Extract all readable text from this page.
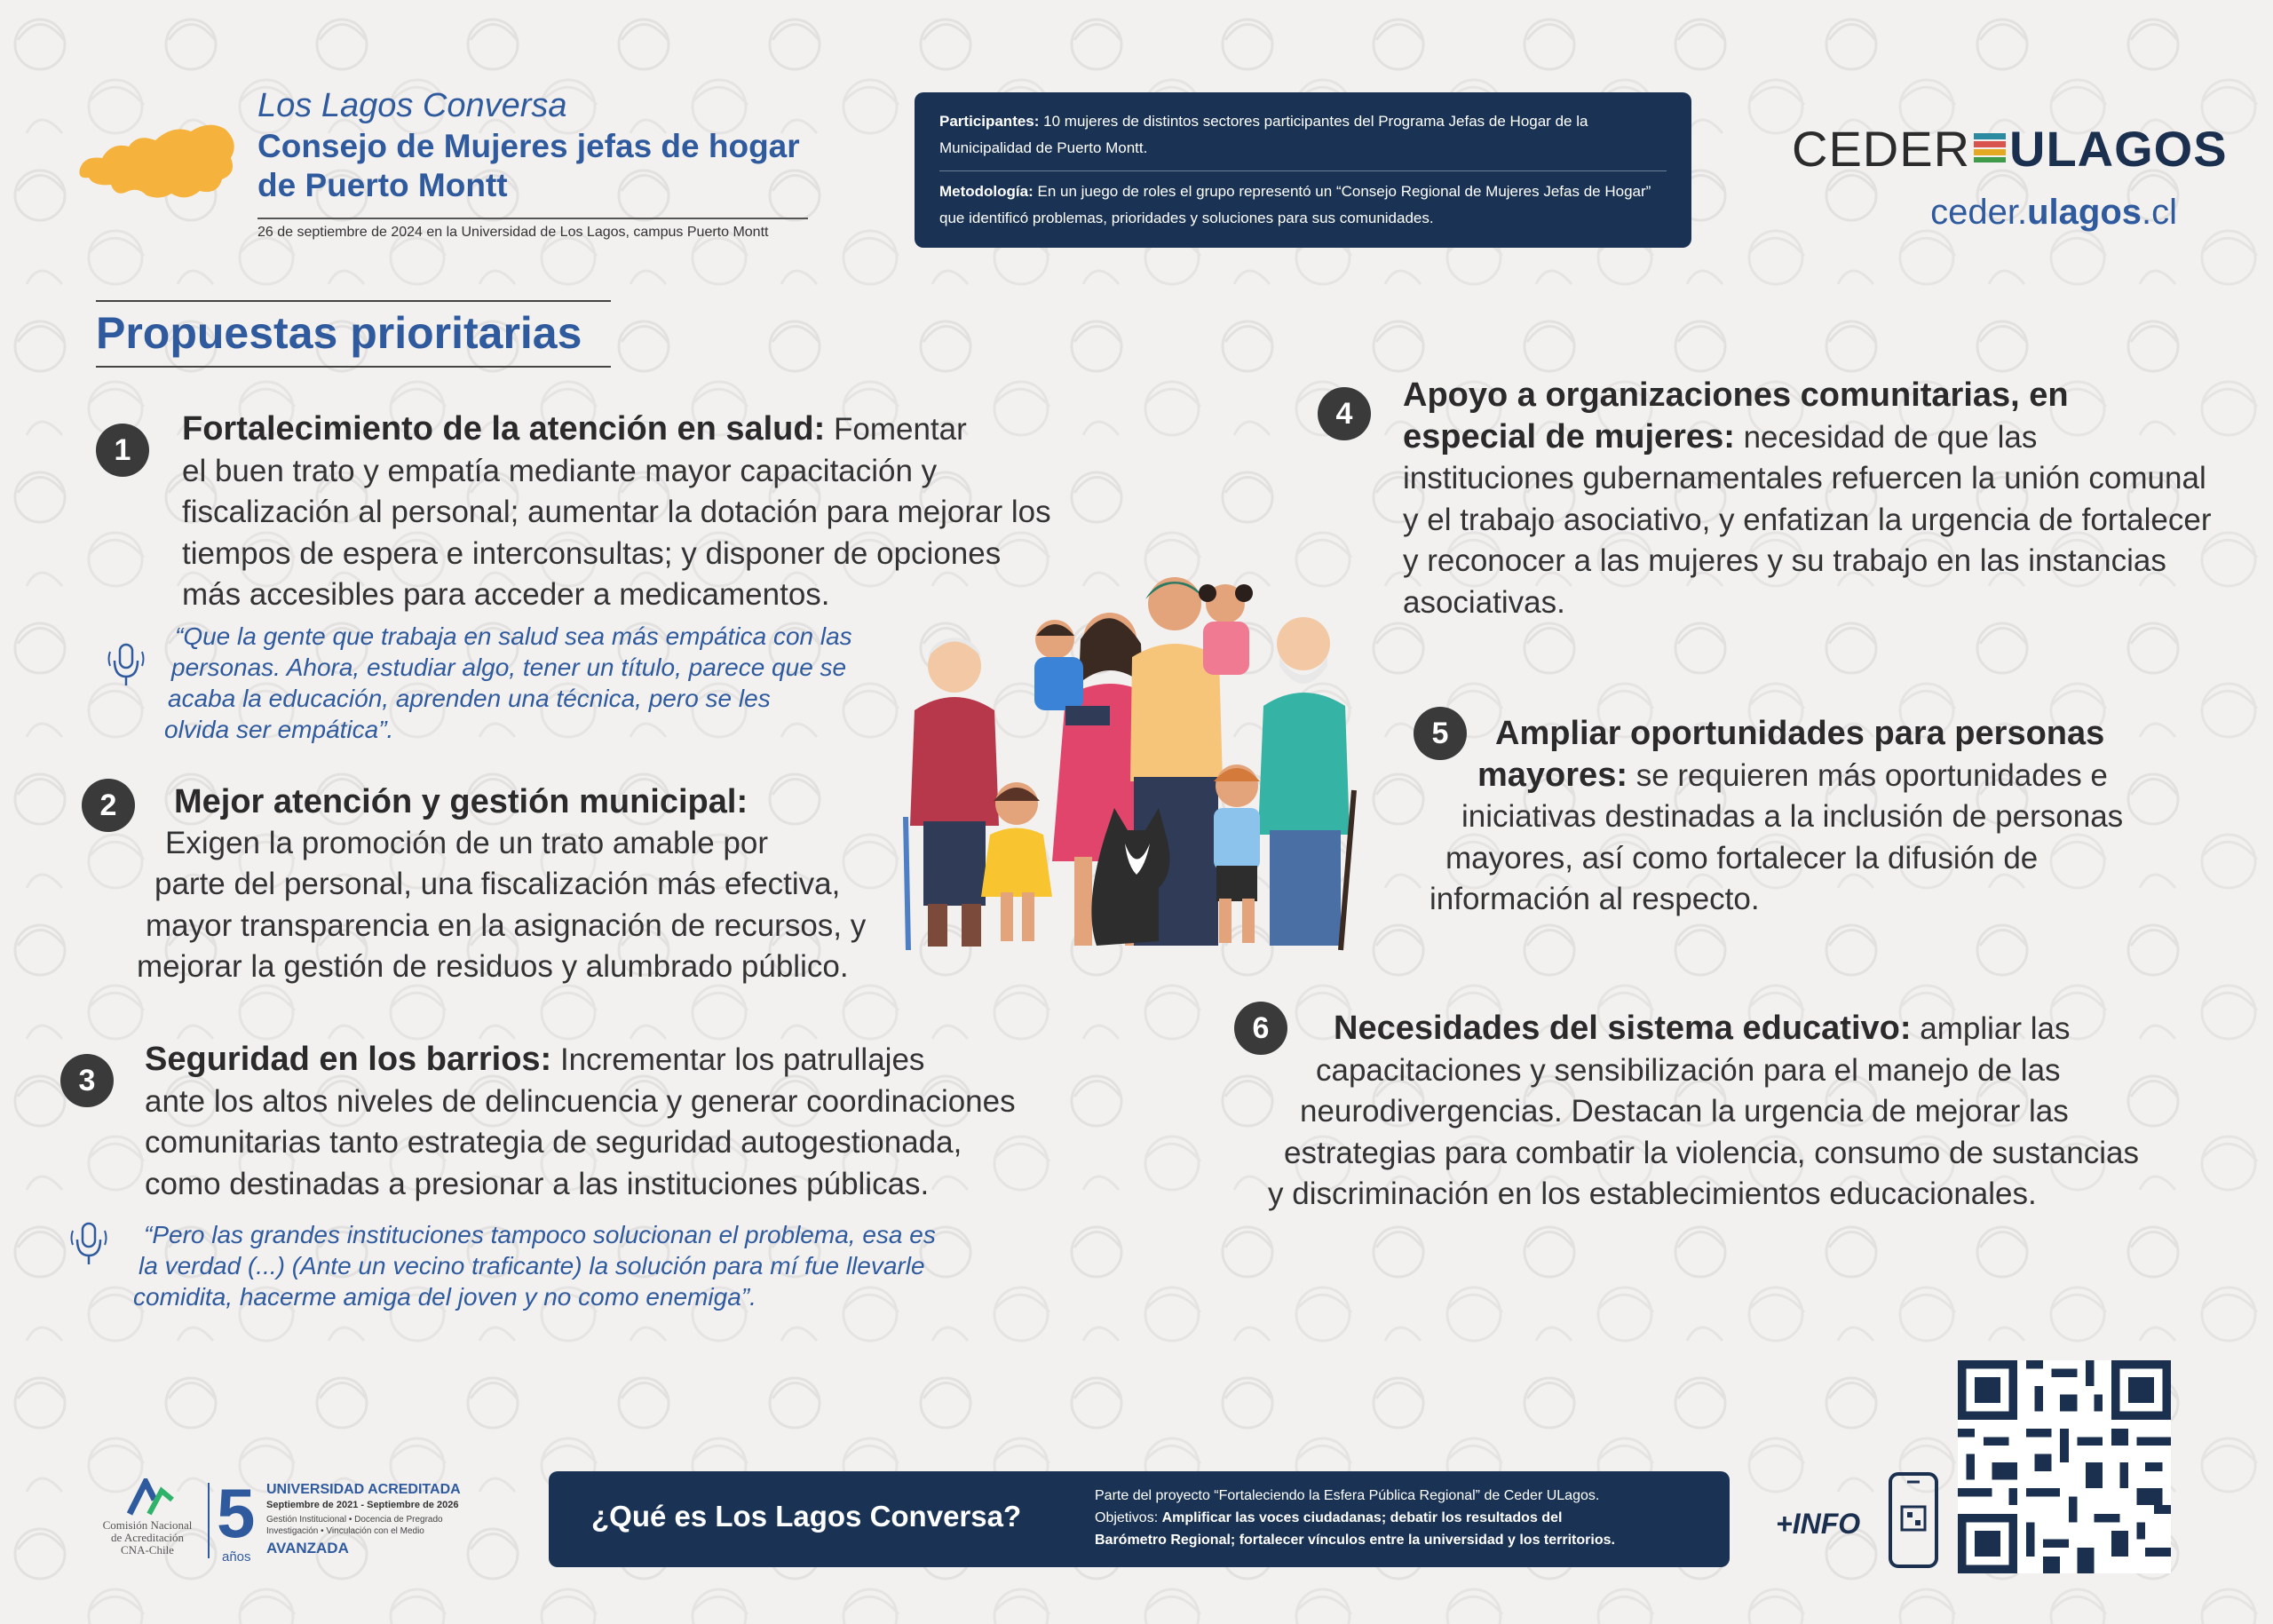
Los Lagos Conversa
Consejo de Mujeres jefas de hogar
de Puerto Montt
26 de septiembre de 2024 en la Universidad de Los Lagos, campus Puerto Montt
Participantes: 10 mujeres de distintos sectores participantes del Programa Jefas de Hogar de la Municipalidad de Puerto Montt.
Metodología: En un juego de roles el grupo representó un “Consejo Regional de Mujeres Jefas de Hogar” que identificó problemas, prioridades y soluciones para sus comunidades.
CEDER ULAGOS
ceder.ulagos.cl
Propuestas prioritarias
1
Fortalecimiento de la atención en salud: Fomentar
el buen trato y empatía mediante mayor capacitación y
fiscalización al personal; aumentar la dotación para mejorar los
tiempos de espera e interconsultas; y disponer de opciones
más accesibles para acceder a medicamentos.
“Que la gente que trabaja en salud sea más empática con las
personas. Ahora, estudiar algo, tener un título, parece que se
acaba la educación, aprenden una técnica, pero se les
olvida ser empática”.
2	Mejor atención y gestión municipal:
Exigen la promoción de un trato amable por
parte del personal, una fiscalización más efectiva,
mayor transparencia en la asignación de recursos, y
mejorar la gestión de residuos y alumbrado público.
3
Seguridad en los barrios: Incrementar los patrullajes
ante los altos niveles de delincuencia y generar coordinaciones
comunitarias tanto estrategia de seguridad autogestionada,
como destinadas a presionar a las instituciones públicas.
“Pero las grandes instituciones tampoco solucionan el problema, esa es
la verdad (...) (Ante un vecino traficante) la solución para mí fue llevarle
comidita, hacerme amiga del joven y no como enemiga”.
4	Apoyo a organizaciones comunitarias, en
especial de mujeres: necesidad de que las
instituciones gubernamentales refuercen la unión comunal
y el trabajo asociativo, y enfatizan la urgencia de fortalecer
y reconocer a las mujeres y su trabajo en las instancias
asociativas.
5	Ampliar oportunidades para personas
mayores: se requieren más oportunidades e
iniciativas destinadas a la inclusión de personas
mayores, así como fortalecer la difusión de
información al respecto.
6	Necesidades del sistema educativo: ampliar las
capacitaciones y sensibilización para el manejo de las
neurodivergencias. Destacan la urgencia de mejorar las
estrategias para combatir la violencia, consumo de sustancias
y discriminación en los establecimientos educacionales.
Comisión Nacional
de Acreditación
CNA-Chile 5
años
UNIVERSIDAD ACREDITADA
Septiembre de 2021 - Septiembre de 2026
Gestión Institucional • Docencia de Pregrado
Investigación • Vinculación con el Medio
AVANZADA
¿Qué es Los Lagos Conversa?
Parte del proyecto “Fortaleciendo la Esfera Pública Regional” de Ceder ULagos.
Objetivos: Amplificar las voces ciudadanas; debatir los resultados del
Barómetro Regional; fortalecer vínculos entre la universidad y los territorios.
+INFO
